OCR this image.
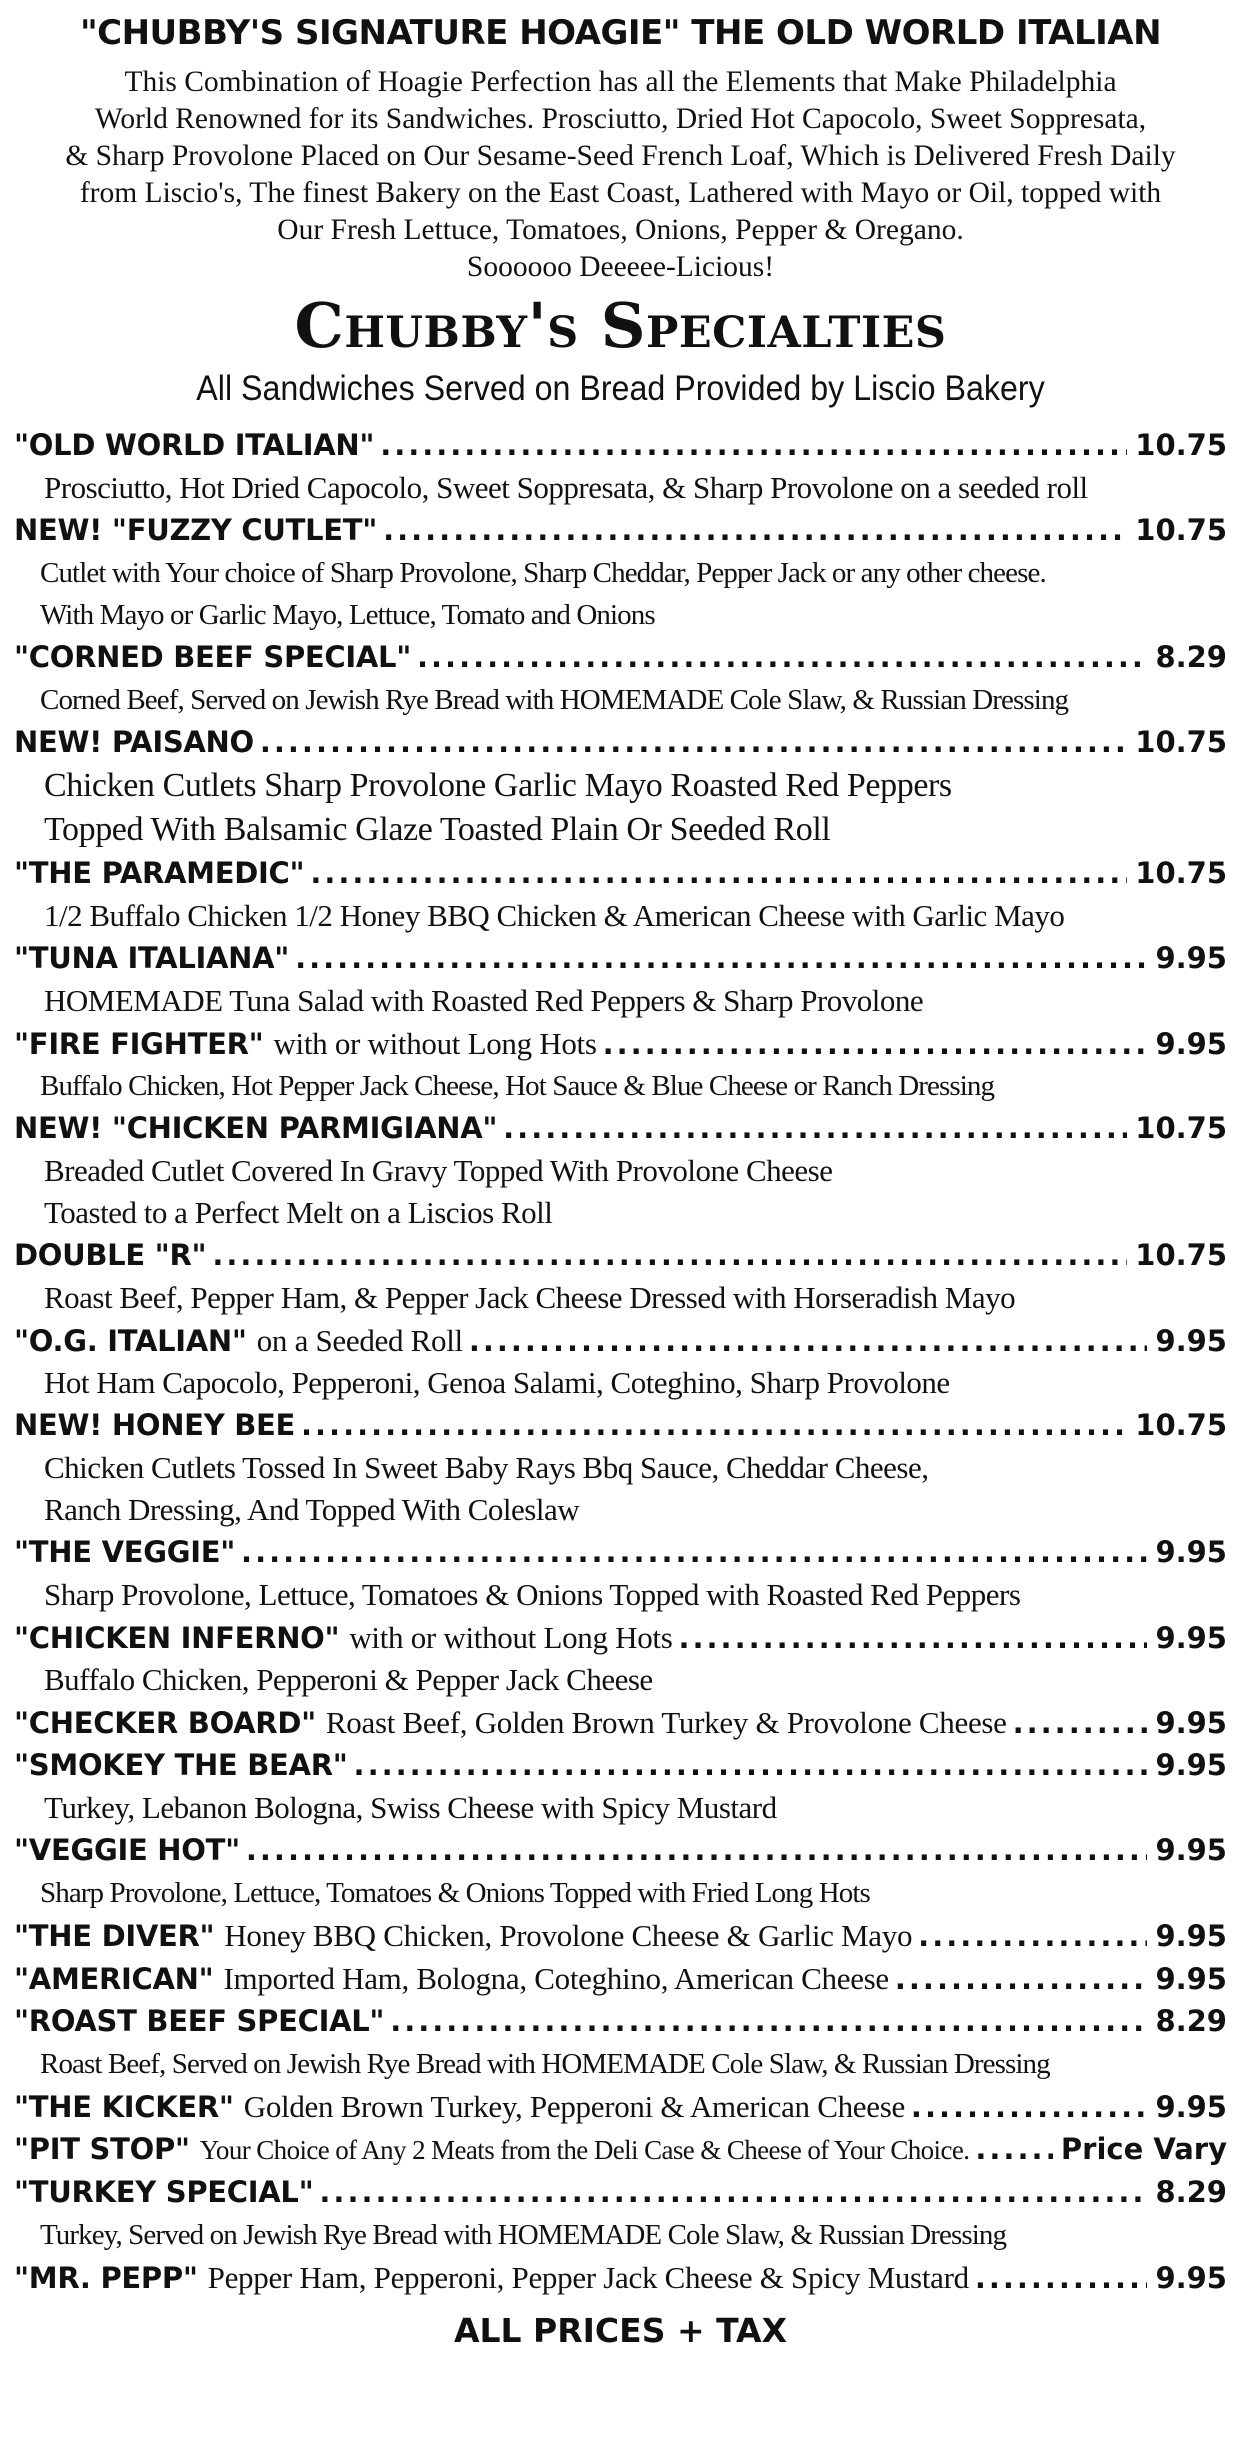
"CHUBBY'S SIGNATURE HOAGIE" THE OLD WORLD ITALIAN
This Combination of Hoagie Perfection has all the Elements that Make Philadelphia
World Renowned for its Sandwiches. Prosciutto, Dried Hot Capocolo, Sweet Soppresata,
& Sharp Provolone Placed on Our Sesame-Seed French Loaf, Which is Delivered Fresh Daily
from Liscio's, The finest Bakery on the East Coast, Lathered with Mayo or Oil, topped with
Our Fresh Lettuce, Tomatoes, Onions, Pepper & Oregano.
Soooooo Deeeee-Licious!
Chubby's Specialties
All Sandwiches Served on Bread Provided by Liscio Bakery
"OLD WORLD ITALIAN" .....	10.75
Prosciutto, Hot Dried Capocolo, Sweet Soppresata, & Sharp Provolone on a seeded roll
NEW! "FUZZY CUTLET" .....	10.75
Cutlet with Your choice of Sharp Provolone, Sharp Cheddar, Pepper Jack or any other cheese.
With Mayo or Garlic Mayo, Lettuce, Tomato and Onions
"CORNED BEEF SPECIAL" .....	8.29
Corned Beef, Served on Jewish Rye Bread with HOMEMADE Cole Slaw, & Russian Dressing
NEW! PAISANO .....	10.75
Chicken Cutlets Sharp Provolone Garlic Mayo Roasted Red Peppers
Topped With Balsamic Glaze Toasted Plain Or Seeded Roll
"THE PARAMEDIC" .....	10.75
1/2 Buffalo Chicken 1/2 Honey BBQ Chicken & American Cheese with Garlic Mayo
"TUNA ITALIANA" .....	9.95
HOMEMADE Tuna Salad with Roasted Red Peppers & Sharp Provolone
"FIRE FIGHTER" with or without Long Hots .....	9.95
Buffalo Chicken, Hot Pepper Jack Cheese, Hot Sauce & Blue Cheese or Ranch Dressing
NEW! "CHICKEN PARMIGIANA" .....	10.75
Breaded Cutlet Covered In Gravy Topped With Provolone Cheese
Toasted to a Perfect Melt on a Liscios Roll
DOUBLE "R" .....	10.75
Roast Beef, Pepper Ham, & Pepper Jack Cheese Dressed with Horseradish Mayo
"O.G. ITALIAN" on a Seeded Roll .....	9.95
Hot Ham Capocolo, Pepperoni, Genoa Salami, Coteghino, Sharp Provolone
NEW! HONEY BEE .....	10.75
Chicken Cutlets Tossed In Sweet Baby Rays Bbq Sauce, Cheddar Cheese,
Ranch Dressing, And Topped With Coleslaw
"THE VEGGIE" .....	9.95
Sharp Provolone, Lettuce, Tomatoes & Onions Topped with Roasted Red Peppers
"CHICKEN INFERNO" with or without Long Hots .....	9.95
Buffalo Chicken, Pepperoni & Pepper Jack Cheese
"CHECKER BOARD" Roast Beef, Golden Brown Turkey & Provolone Cheese .....	9.95
"SMOKEY THE BEAR" .....	9.95
Turkey, Lebanon Bologna, Swiss Cheese with Spicy Mustard
"VEGGIE HOT" .....	9.95
Sharp Provolone, Lettuce, Tomatoes & Onions Topped with Fried Long Hots
"THE DIVER" Honey BBQ Chicken, Provolone Cheese & Garlic Mayo .....	9.95
"AMERICAN" Imported Ham, Bologna, Coteghino, American Cheese .....	9.95
"ROAST BEEF SPECIAL" .....	8.29
Roast Beef, Served on Jewish Rye Bread with HOMEMADE Cole Slaw, & Russian Dressing
"THE KICKER" Golden Brown Turkey, Pepperoni & American Cheese .....	9.95
"PIT STOP" Your Choice of Any 2 Meats from the Deli Case & Cheese of Your Choice. .....	Price Vary
"TURKEY SPECIAL" .....	8.29
Turkey, Served on Jewish Rye Bread with HOMEMADE Cole Slaw, & Russian Dressing
"MR. PEPP" Pepper Ham, Pepperoni, Pepper Jack Cheese & Spicy Mustard .....	9.95
ALL PRICES + TAX
